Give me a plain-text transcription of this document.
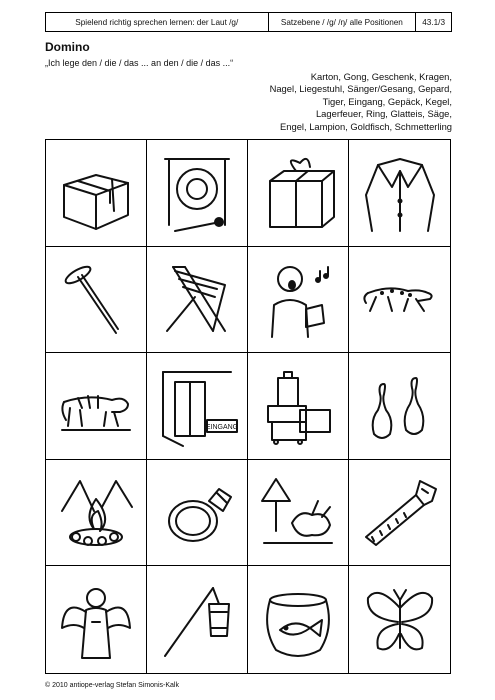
Spielend richtig sprechen lernen: der Laut /g/	Satzebene / /g/ /ŋ/ alle Positionen	43.1/3
Domino
„Ich lege den / die / das ... an den / die / das ...“
Karton, Gong, Geschenk, Kragen,
Nagel, Liegestuhl, Sänger/Gesang, Gepard,
Tiger, Eingang, Gepäck, Kegel,
Lagerfeuer, Ring, Glatteis, Säge,
Engel, Lampion, Goldfisch, Schmetterling
EINGANG
© 2010 antiope-verlag Stefan Simonis-Kalk
